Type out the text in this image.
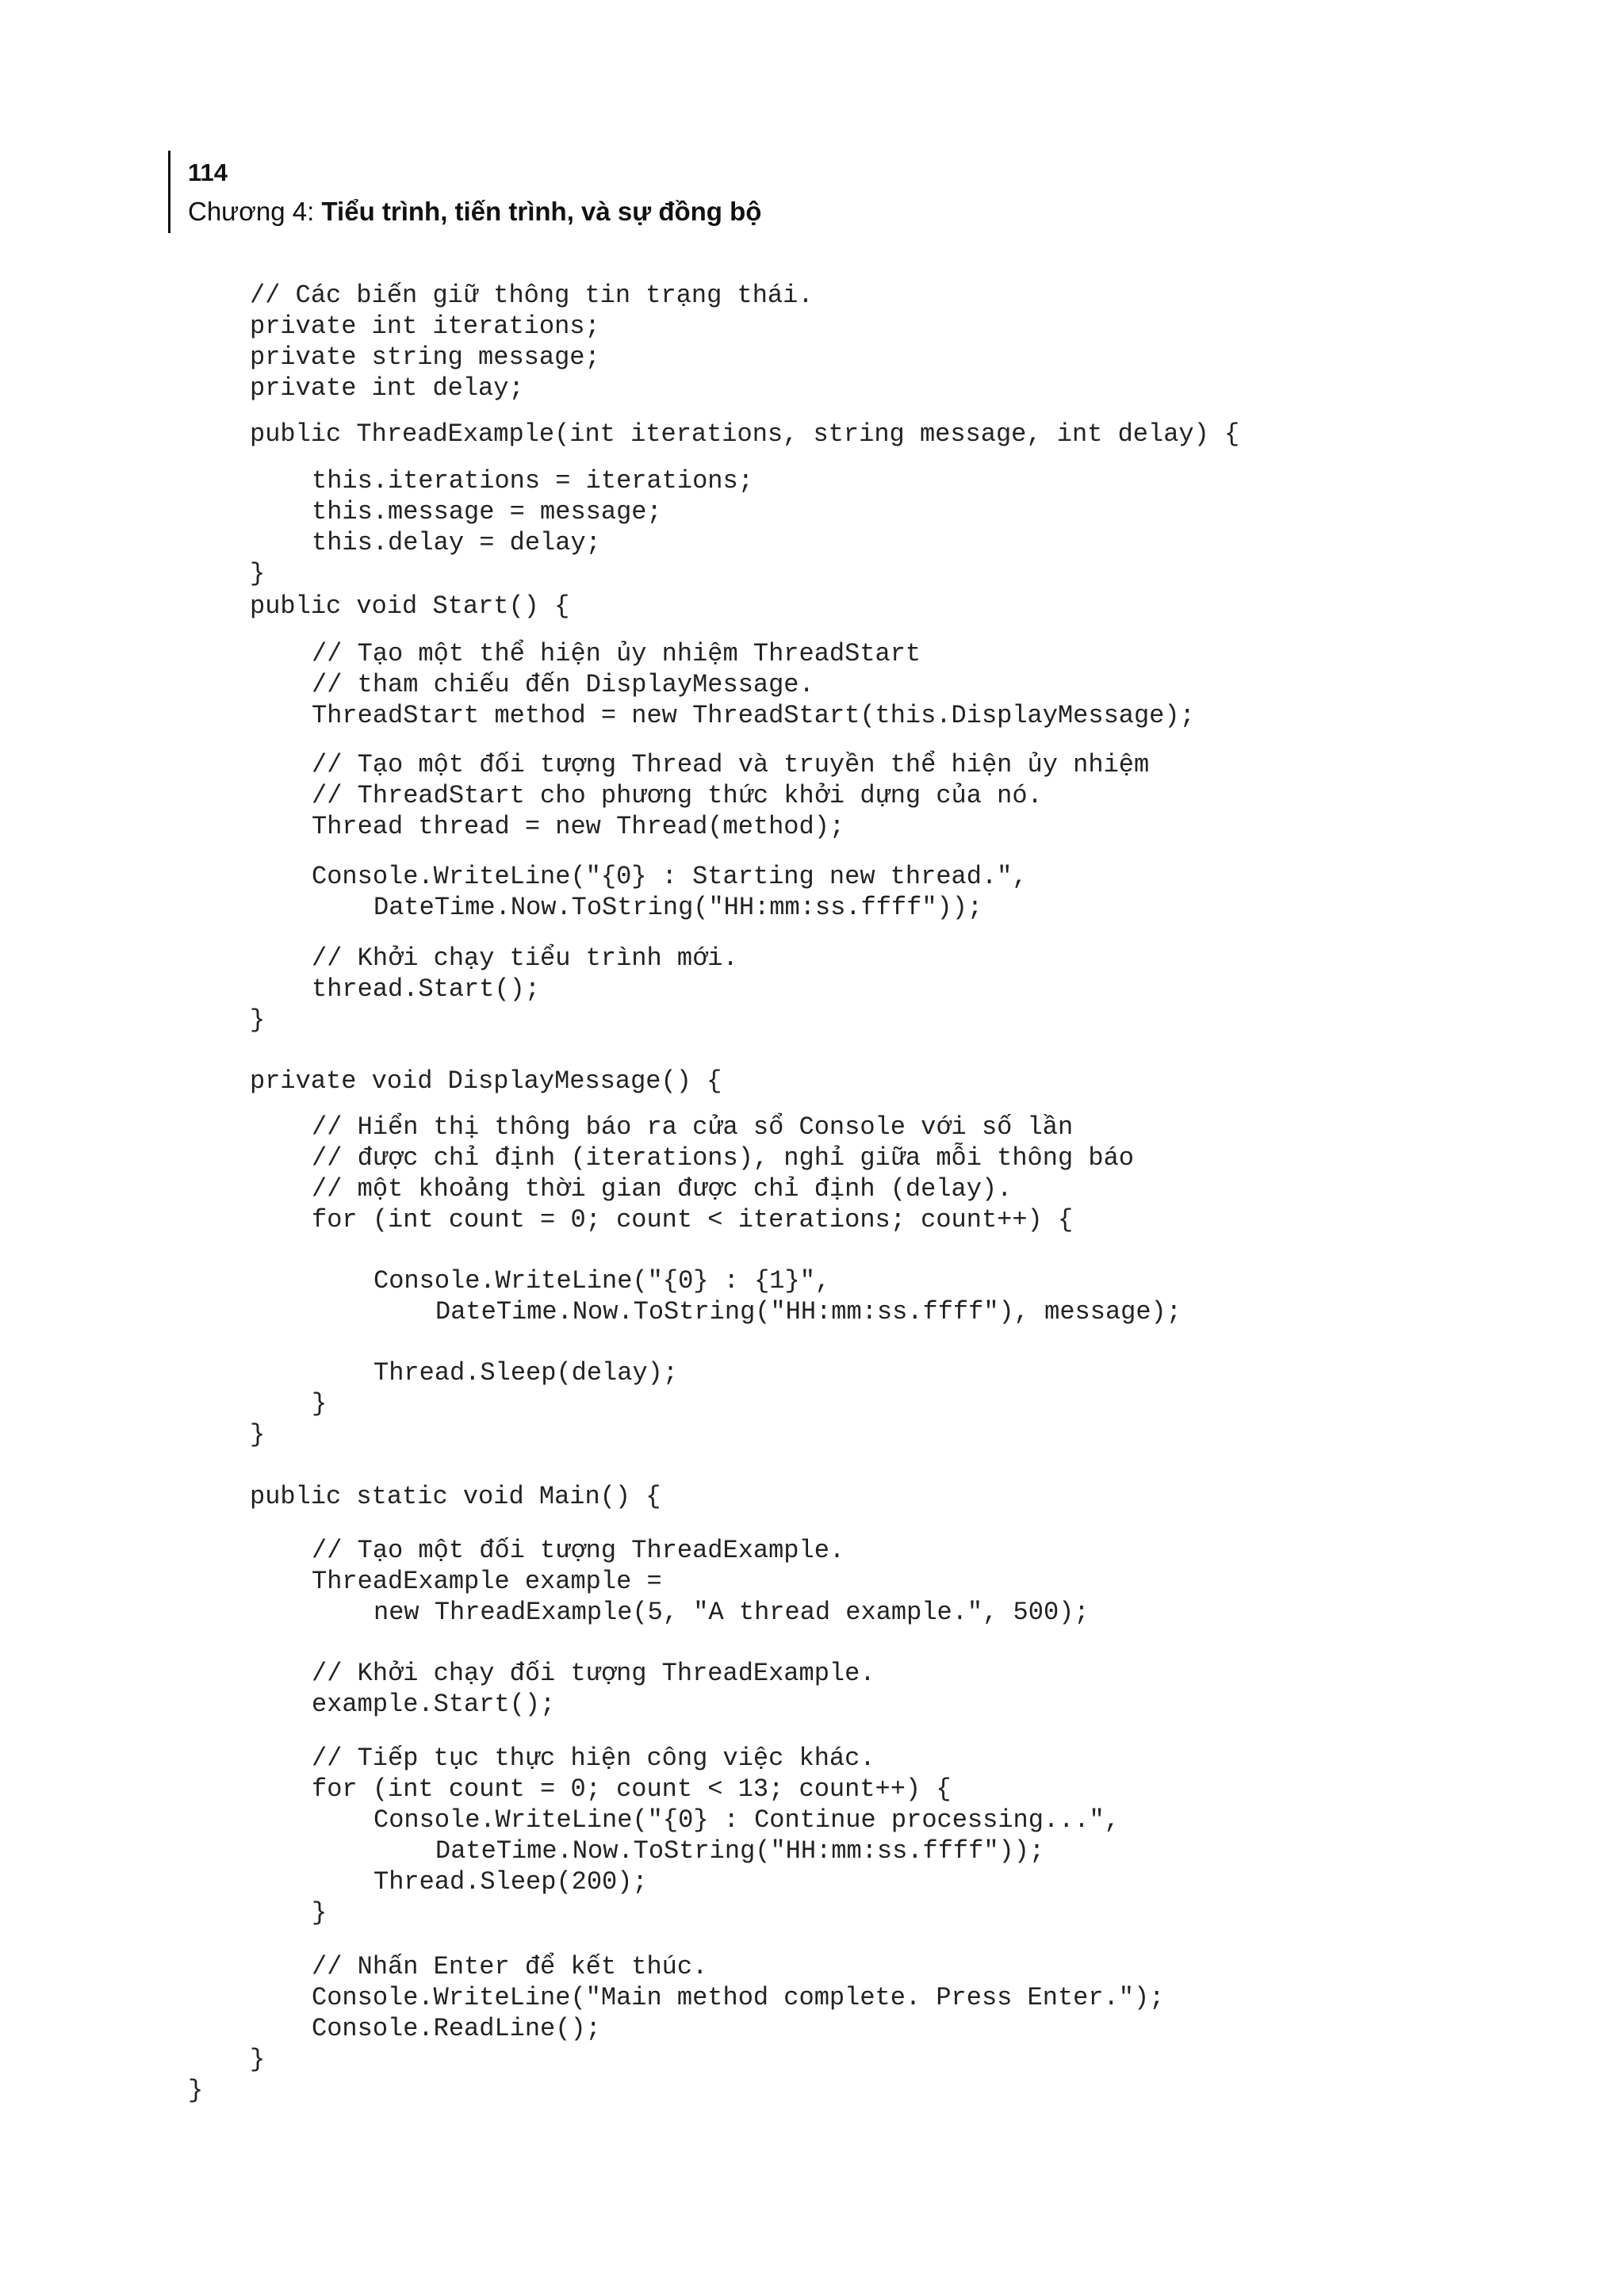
114
Chương 4: Tiểu trình, tiến trình, và sự đồng bộ
// Các biến giữ thông tin trạng thái.
private int iterations;
private string message;
private int delay;
public ThreadExample(int iterations, string message, int delay) {
this.iterations = iterations;
this.message = message;
this.delay = delay;
}
public void Start() {
// Tạo một thể hiện ủy nhiệm ThreadStart
// tham chiếu đến DisplayMessage.
ThreadStart method = new ThreadStart(this.DisplayMessage);
// Tạo một đối tượng Thread và truyền thể hiện ủy nhiệm
// ThreadStart cho phương thức khởi dựng của nó.
Thread thread = new Thread(method);
Console.WriteLine("{0} : Starting new thread.",
DateTime.Now.ToString("HH:mm:ss.ffff"));
// Khởi chạy tiểu trình mới.
thread.Start();
}
private void DisplayMessage() {
// Hiển thị thông báo ra cửa sổ Console với số lần
// được chỉ định (iterations), nghỉ giữa mỗi thông báo
// một khoảng thời gian được chỉ định (delay).
for (int count = 0; count < iterations; count++) {
Console.WriteLine("{0} : {1}",
DateTime.Now.ToString("HH:mm:ss.ffff"), message);
Thread.Sleep(delay);
}
}
public static void Main() {
// Tạo một đối tượng ThreadExample.
ThreadExample example =
new ThreadExample(5, "A thread example.", 500);
// Khởi chạy đối tượng ThreadExample.
example.Start();
// Tiếp tục thực hiện công việc khác.
for (int count = 0; count < 13; count++) {
Console.WriteLine("{0} : Continue processing...",
DateTime.Now.ToString("HH:mm:ss.ffff"));
Thread.Sleep(200);
}
// Nhấn Enter để kết thúc.
Console.WriteLine("Main method complete. Press Enter.");
Console.ReadLine();
}
}
